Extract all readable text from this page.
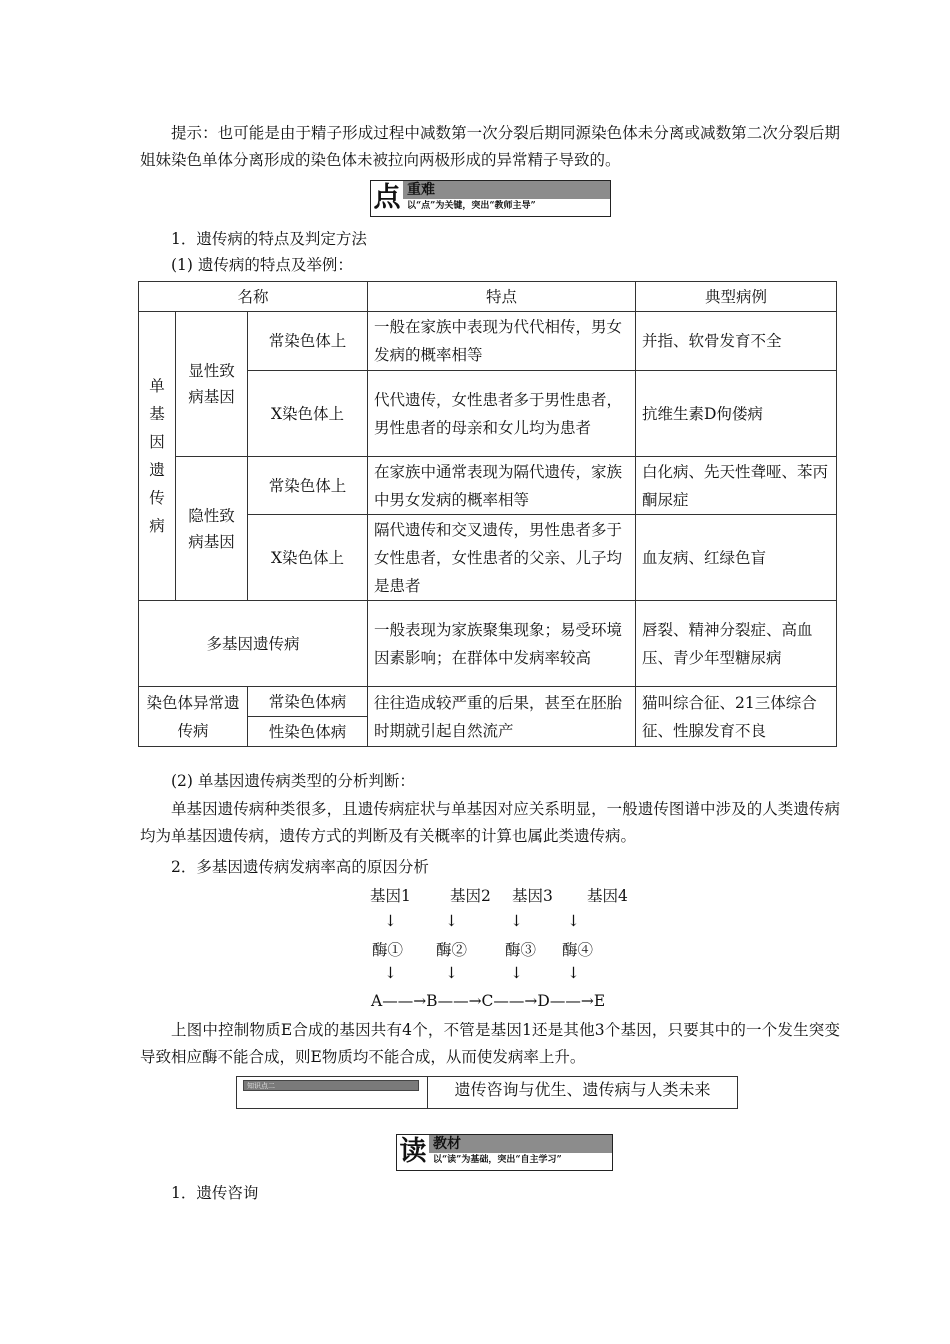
提示：也可能是由于精子形成过程中减数第一次分裂后期同源染色体未分离或减数第二次分裂后期姐妹染色单体分离形成的染色体未被拉向两极形成的异常精子导致的。
点 重难
以“点”为关键，突出“教师主导”
1．遗传病的特点及判定方法
(1) 遗传病的特点及举例：
名称			特点	典型病例

单基因遗传病	显性致病基因	常染色体上	一般在家族中表现为代代相传，男女发病的概率相等	并指、软骨发育不全
		X染色体上	代代遗传，女性患者多于男性患者，男性患者的母亲和女儿均为患者	抗维生素D佝偻病

	隐性致病基因	常染色体上	在家族中通常表现为隔代遗传，家族中男女发病的概率相等	白化病、先天性聋哑、苯丙酮尿症
		X染色体上	隔代遗传和交叉遗传，男性患者多于女性患者，女性患者的父亲、儿子均是患者	血友病、红绿色盲
多基因遗传病			一般表现为家族聚集现象；易受环境因素影响；在群体中发病率较高	唇裂、精神分裂症、高血压、青少年型糖尿病

染色体异常遗传病		常染色体病	往往造成较严重的后果，甚至在胚胎时期就引起自然流产	猫叫综合征、21三体综合征、性腺发育不良
		性染色体病		
(2) 单基因遗传病类型的分析判断：
单基因遗传病种类很多，且遗传病症状与单基因对应关系明显，一般遗传图谱中涉及的人类遗传病均为单基因遗传病，遗传方式的判断及有关概率的计算也属此类遗传病。
2．多基因遗传病发病率高的原因分析
基因1	基因2 基因3 基因4
↓	↓	↓	↓
酶① 酶② 酶③ 酶④
↓	↓	↓	↓
A——→B——→C——→D——→E
上图中控制物质E合成的基因共有4个，不管是基因1还是其他3个基因，只要其中的一个发生突变导致相应酶不能合成，则E物质均不能合成，从而使发病率上升。
知识点二	遗传咨询与优生、遗传病与人类未来
读 教材
以“读”为基础，突出“自主学习”
1．遗传咨询
